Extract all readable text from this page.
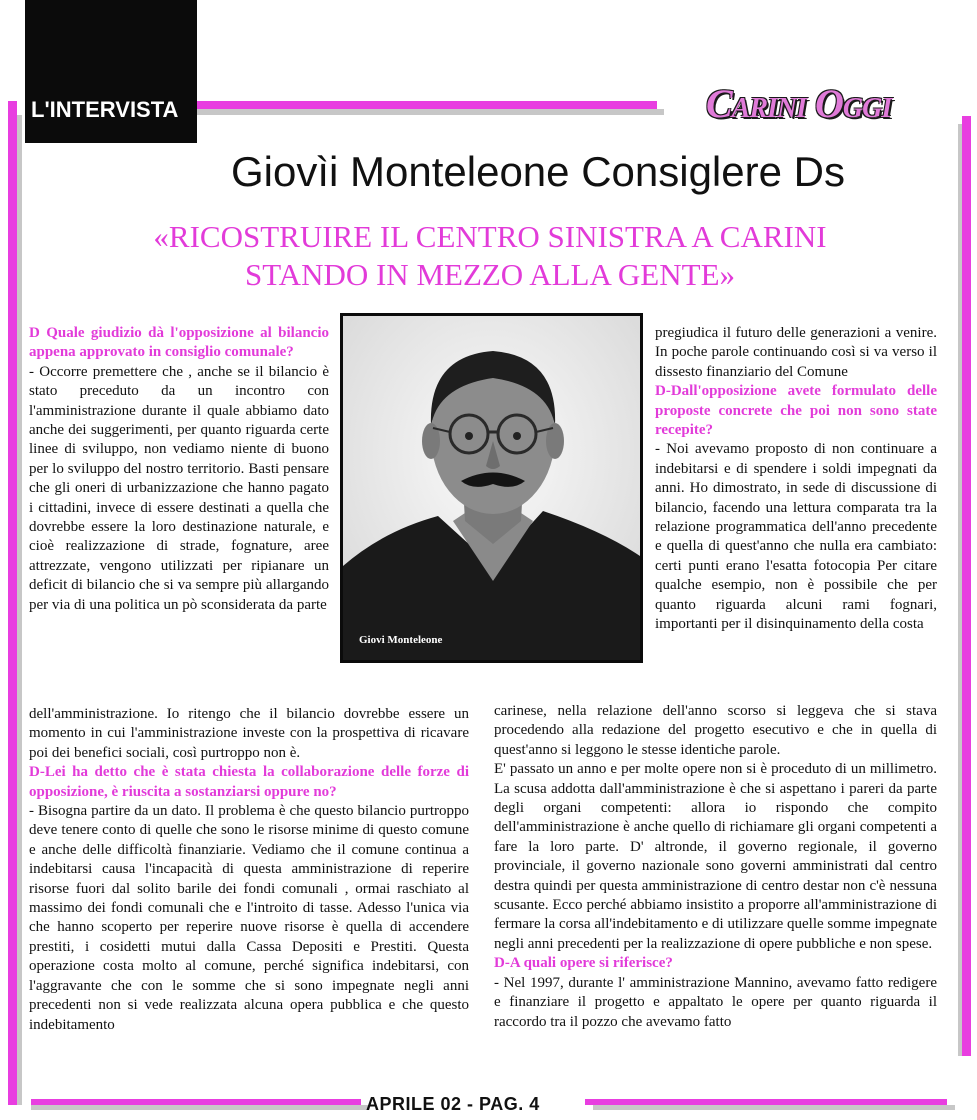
L'INTERVISTA	Carini Oggi
Giovìi Monteleone Consiglere Ds
«RICOSTRUIRE IL CENTRO SINISTRA A CARINI
STANDO IN MEZZO ALLA GENTE»

D Quale giudizio dà l'opposizione al bilancio appena approvato in consiglio comunale?

- Occorre premettere che , anche se il bilancio è stato preceduto da un incontro con l'amministrazione durante il quale abbiamo dato anche dei suggerimenti, per quanto riguarda certe linee di sviluppo, non vediamo niente di buono per lo sviluppo del nostro territorio. Basti pensare che gli oneri di urbanizzazione che hanno pagato i cittadini, invece di essere destinati a quella che dovrebbe essere la loro destinazione naturale, e cioè realizzazione di strade, fognature, aree attrezzate, vengono utilizzati per ripianare un deficit di bilancio che si va sempre più allargando per via di una politica un pò sconsiderata da parte

Giovi Monteleone

dell'amministrazione. Io ritengo che il bilancio dovrebbe essere un momento in cui l'amministrazione investe con la prospettiva di ricavare poi dei benefici sociali, così purtroppo non è.

D-Lei ha detto che è stata chiesta la collaborazione delle forze di opposizione, è riuscita a sostanziarsi oppure no?

- Bisogna partire da un dato. Il problema è che questo bilancio purtroppo deve tenere conto di quelle che sono le risorse minime di questo comune e anche delle difficoltà finanziarie. Vediamo che il comune continua a indebitarsi causa l'incapacità di questa amministrazione di reperire risorse fuori dal solito barile dei fondi comunali , ormai raschiato al massimo dei fondi comunali che e l'introito di tasse. Adesso l'unica via che hanno scoperto per reperire nuove risorse è quella di accendere prestiti, i cosidetti mutui dalla Cassa Depositi e Prestiti. Questa operazione costa molto al comune, perché significa indebitarsi, con l'aggravante che con le somme che si sono impegnate negli anni precedenti non si vede realizzata alcuna opera pubblica e che questo indebitamento

pregiudica il futuro delle generazioni a venire. In poche parole continuando così si va verso il dissesto finanziario del Comune

D-Dall'opposizione avete formulato delle proposte concrete che poi non sono state recepite?

- Noi avevamo proposto di non continuare a indebitarsi e di spendere i soldi impegnati da anni. Ho dimostrato, in sede di discussione di bilancio, facendo una lettura comparata tra la relazione programmatica dell'anno precedente e quella di quest'anno che nulla era cambiato: certi punti erano l'esatta fotocopia Per citare qualche esempio, non è possibile che per quanto riguarda alcuni rami fognari, importanti per il disinquinamento della costa

carinese, nella relazione dell'anno scorso si leggeva che si stava procedendo alla redazione del progetto esecutivo e che in quella di quest'anno si leggono le stesse identiche parole.

E' passato un anno e per molte opere non si è proceduto di un millimetro. La scusa addotta dall'amministrazione è che si aspettano i pareri da parte degli organi competenti: allora io rispondo che compito dell'amministrazione è anche quello di richiamare gli organi competenti a fare la loro parte. D' altronde, il governo regionale, il governo provinciale, il governo nazionale sono governi amministrati dal centro destra quindi per questa amministrazione di centro destar non c'è nessuna scusante. Ecco perché abbiamo insistito a proporre all'amministrazione di fermare la corsa all'indebitamento e di utilizzare quelle somme impegnate negli anni precedenti per la realizzazione di opere pubbliche e non spese.

D-A quali opere si riferisce?

- Nel 1997, durante l' amministrazione Mannino, avevamo fatto redigere e finanziare il progetto e appaltato le opere per quanto riguarda il raccordo tra il pozzo che avevamo fatto

APRILE 02 - PAG. 4
